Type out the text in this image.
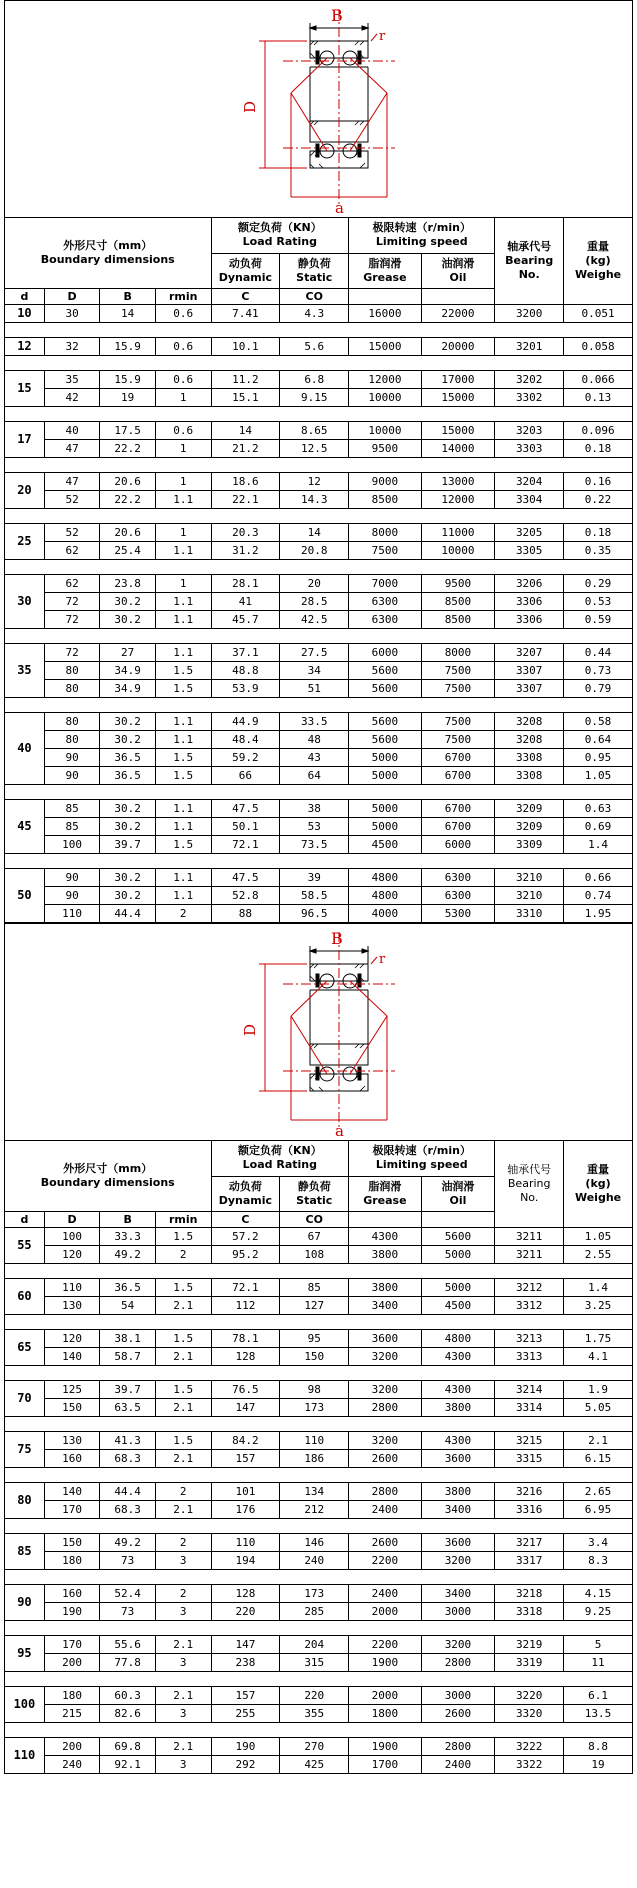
B
r
D
a
外形尺寸（mm）
Boundary dimensions				额定负荷（KN）
Load Rating		极限转速（r/min）
Limiting speed		轴承代号
Bearing
No.	重量
(kg)
Weighe

				动负荷
Dynamic	静负荷
Static	脂润滑
Grease	油润滑
Oil		

d	D	B	rmin	C	CO				
10	30	14	0.6	7.41	4.3	16000	22000	3200	0.051

12	32	15.9	0.6	10.1	5.6	15000	20000	3201	0.058

15	35	15.9	0.6	11.2	6.8	12000	17000	3202	0.066
	42	19	1	15.1	9.15	10000	15000	3302	0.13

17	40	17.5	0.6	14	8.65	10000	15000	3203	0.096
	47	22.2	1	21.2	12.5	9500	14000	3303	0.18

20	47	20.6	1	18.6	12	9000	13000	3204	0.16
	52	22.2	1.1	22.1	14.3	8500	12000	3304	0.22

25	52	20.6	1	20.3	14	8000	11000	3205	0.18
	62	25.4	1.1	31.2	20.8	7500	10000	3305	0.35

30	62	23.8	1	28.1	20	7000	9500	3206	0.29
	72	30.2	1.1	41	28.5	6300	8500	3306	0.53
	72	30.2	1.1	45.7	42.5	6300	8500	3306	0.59

35	72	27	1.1	37.1	27.5	6000	8000	3207	0.44
	80	34.9	1.5	48.8	34	5600	7500	3307	0.73
	80	34.9	1.5	53.9	51	5600	7500	3307	0.79

40	80	30.2	1.1	44.9	33.5	5600	7500	3208	0.58
	80	30.2	1.1	48.4	48	5600	7500	3208	0.64
	90	36.5	1.5	59.2	43	5000	6700	3308	0.95
	90	36.5	1.5	66	64	5000	6700	3308	1.05

45	85	30.2	1.1	47.5	38	5000	6700	3209	0.63
	85	30.2	1.1	50.1	53	5000	6700	3209	0.69
	100	39.7	1.5	72.1	73.5	4500	6000	3309	1.4

50	90	30.2	1.1	47.5	39	4800	6300	3210	0.66
	90	30.2	1.1	52.8	58.5	4800	6300	3210	0.74
	110	44.4	2	88	96.5	4000	5300	3310	1.95
B
r
D
a
外形尺寸（mm）
Boundary dimensions				额定负荷（KN）
Load Rating		极限转速（r/min）
Limiting speed		轴承代号
Bearing
No.	重量
(kg)
Weighe

				动负荷
Dynamic	静负荷
Static	脂润滑
Grease	油润滑
Oil		

d	D	B	rmin	C	CO				
55	100	33.3	1.5	57.2	67	4300	5600	3211	1.05
	120	49.2	2	95.2	108	3800	5000	3211	2.55

60	110	36.5	1.5	72.1	85	3800	5000	3212	1.4
	130	54	2.1	112	127	3400	4500	3312	3.25

65	120	38.1	1.5	78.1	95	3600	4800	3213	1.75
	140	58.7	2.1	128	150	3200	4300	3313	4.1

70	125	39.7	1.5	76.5	98	3200	4300	3214	1.9
	150	63.5	2.1	147	173	2800	3800	3314	5.05

75	130	41.3	1.5	84.2	110	3200	4300	3215	2.1
	160	68.3	2.1	157	186	2600	3600	3315	6.15

80	140	44.4	2	101	134	2800	3800	3216	2.65
	170	68.3	2.1	176	212	2400	3400	3316	6.95

85	150	49.2	2	110	146	2600	3600	3217	3.4
	180	73	3	194	240	2200	3200	3317	8.3

90	160	52.4	2	128	173	2400	3400	3218	4.15
	190	73	3	220	285	2000	3000	3318	9.25

95	170	55.6	2.1	147	204	2200	3200	3219	5
	200	77.8	3	238	315	1900	2800	3319	11

100	180	60.3	2.1	157	220	2000	3000	3220	6.1
	215	82.6	3	255	355	1800	2600	3320	13.5

110	200	69.8	2.1	190	270	1900	2800	3222	8.8
	240	92.1	3	292	425	1700	2400	3322	19
